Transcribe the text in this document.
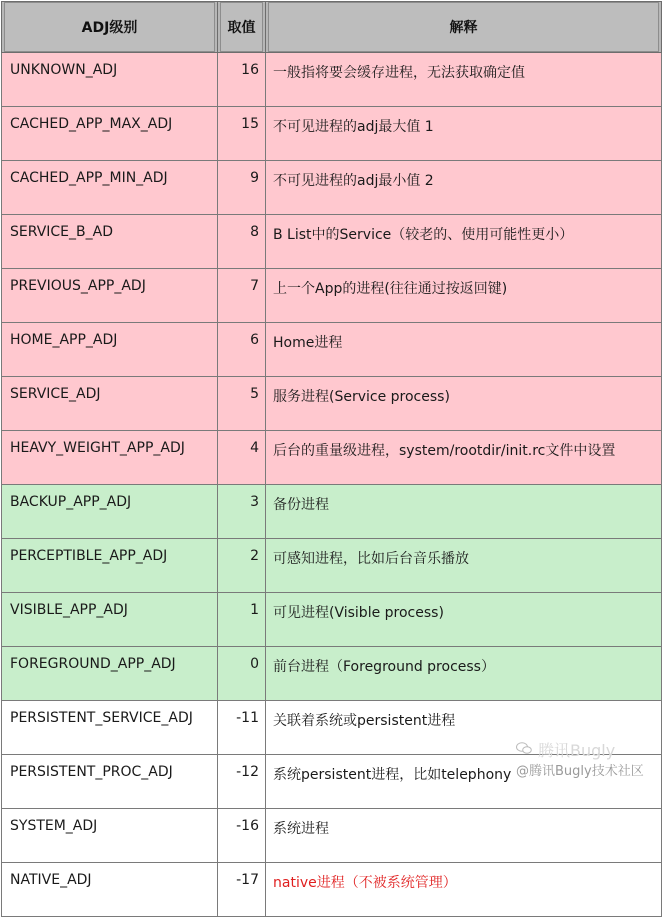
ADJ级别	取值	解释

UNKNOWN_ADJ	16	一般指将要会缓存进程，无法获取确定值
CACHED_APP_MAX_ADJ	15	不可见进程的adj最大值 1
CACHED_APP_MIN_ADJ	9	不可见进程的adj最小值 2
SERVICE_B_AD	8	B List中的Service（较老的、使用可能性更小）
PREVIOUS_APP_ADJ	7	上一个App的进程(往往通过按返回键)
HOME_APP_ADJ	6	Home进程
SERVICE_ADJ	5	服务进程(Service process)
HEAVY_WEIGHT_APP_ADJ	4	后台的重量级进程，system/rootdir/init.rc文件中设置
BACKUP_APP_ADJ	3	备份进程
PERCEPTIBLE_APP_ADJ	2	可感知进程，比如后台音乐播放
VISIBLE_APP_ADJ	1	可见进程(Visible process)
FOREGROUND_APP_ADJ	0	前台进程（Foreground process）
PERSISTENT_SERVICE_ADJ	-11	关联着系统或persistent进程
PERSISTENT_PROC_ADJ	-12	系统persistent进程，比如telephony
SYSTEM_ADJ	-16	系统进程
NATIVE_ADJ	-17	native进程（不被系统管理）
腾讯Bugly
@腾讯Bugly技术社区
